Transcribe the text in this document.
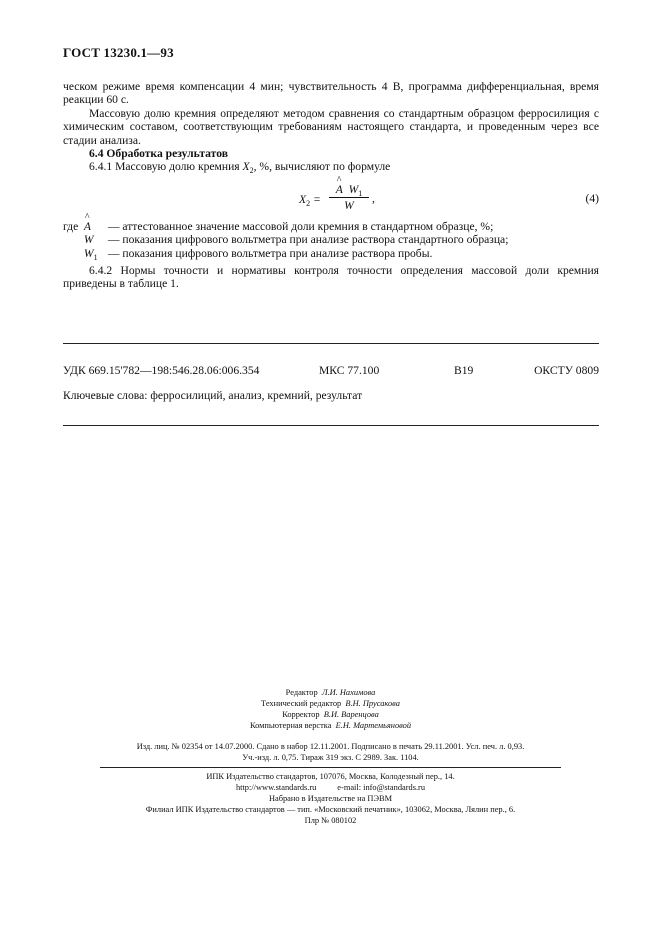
ГОСТ 13230.1—93

ческом режиме время компенсации 4 мин; чувствительность 4 В, программа дифференциальная, время реакции 60 с.

Массовую долю кремния определяют методом сравнения со стандартным образцом ферросилиция с химическим составом, соответствующим требованиям настоящего стандарта, и проведенным через все стадии анализа.

6.4 Обработка результатов

6.4.1 Массовую долю кремния $X_2$, %, вычисляют по формуле

$X_2$ =
^ A $W_1$
W
,	(4)
где ^ A — аттестованное значение массовой доли кремния в стандартном образце, %;
W — показания цифрового вольтметра при анализе раствора стандартного образца;
$W_1$ — показания цифрового вольтметра при анализе раствора пробы.

6.4.2 Нормы точности и нормативы контроля точности определения массовой доли кремния приведены в таблице 1.

УДК 669.15'782—198:546.28.06:006.354	МКС 77.100	В19	ОКСТУ 0809
Ключевые слова: ферросилиций, анализ, кремний, результат
Редактор Л.И. Нахимова
Технический редактор В.Н. Прусакова
Корректор В.И. Варенцова
Компьютерная верстка Е.Н. Мартемьяновой
Изд. лиц. № 02354 от 14.07.2000. Сдано в набор 12.11.2001. Подписано в печать 29.11.2001. Усл. печ. л. 0,93.
Уч.-изд. л. 0,75. Тираж 319 экз. С 2989. Зак. 1104.
ИПК Издательство стандартов, 107076, Москва, Колодезный пер., 14.
http://www.standards.ru          e-mail: info@standards.ru
Набрано в Издательстве на ПЭВМ
Филиал ИПК Издательство стандартов — тип. «Московский печатник», 103062, Москва, Лялин пер., 6.
Плр № 080102
